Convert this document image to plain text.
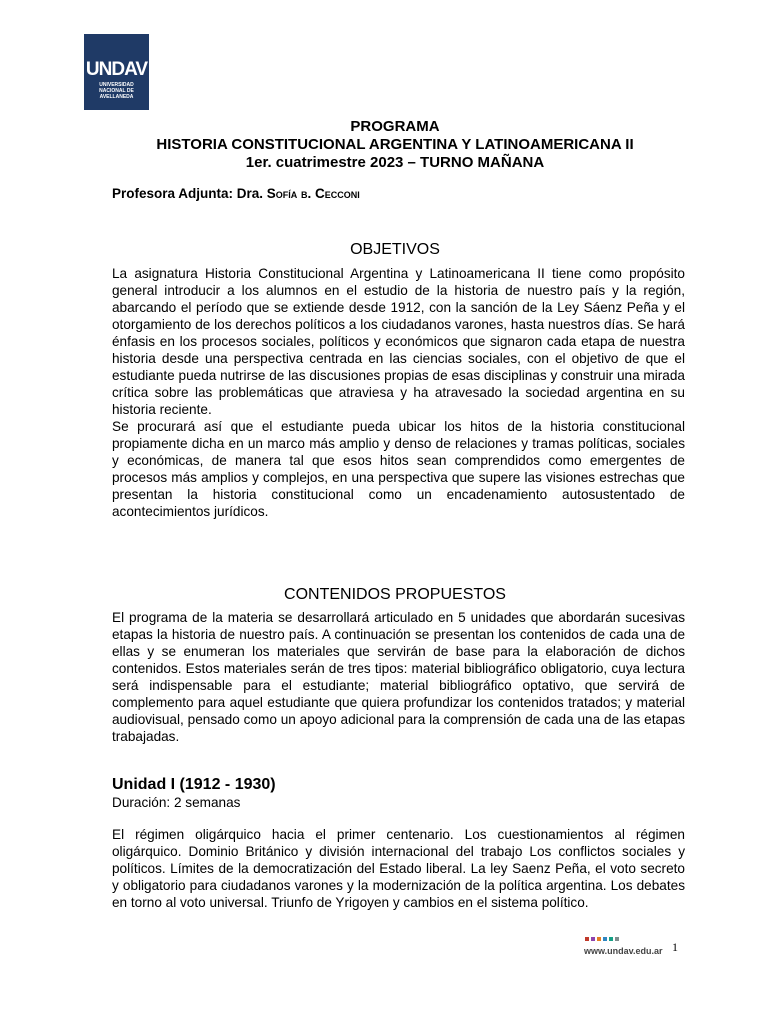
UNDAV
UNIVERSIDAD
NACIONAL DE
AVELLANEDA
PROGRAMA
HISTORIA CONSTITUCIONAL ARGENTINA Y LATINOAMERICANA II
1er. cuatrimestre 2023 – TURNO MAÑANA
Profesora Adjunta: Dra. Sofía b. Cecconi
OBJETIVOS

La asignatura Historia Constitucional Argentina y Latinoamericana II tiene como propósito general introducir a los alumnos en el estudio de la historia de nuestro país y la región, abarcando el período que se extiende desde 1912, con la sanción de la Ley Sáenz Peña y el otorgamiento de los derechos políticos a los ciudadanos varones, hasta nuestros días. Se hará énfasis en los procesos sociales, políticos y económicos que signaron cada etapa de nuestra historia desde una perspectiva centrada en las ciencias sociales, con el objetivo de que el estudiante pueda nutrirse de las discusiones propias de esas disciplinas y construir una mirada crítica sobre las problemáticas que atraviesa y ha atravesado la sociedad argentina en su historia reciente.

Se procurará así que el estudiante pueda ubicar los hitos de la historia constitucional propiamente dicha en un marco más amplio y denso de relaciones y tramas políticas, sociales y económicas, de manera tal que esos hitos sean comprendidos como emergentes de procesos más amplios y complejos, en una perspectiva que supere las visiones estrechas que presentan la historia constitucional como un encadenamiento autosustentado de acontecimientos jurídicos.

CONTENIDOS PROPUESTOS

El programa de la materia se desarrollará articulado en 5 unidades que abordarán sucesivas etapas la historia de nuestro país. A continuación se presentan los contenidos de cada una de ellas y se enumeran los materiales que servirán de base para la elaboración de dichos contenidos. Estos materiales serán de tres tipos: material bibliográfico obligatorio, cuya lectura será indispensable para el estudiante; material bibliográfico optativo, que servirá de complemento para aquel estudiante que quiera profundizar los contenidos tratados; y material audiovisual, pensado como un apoyo adicional para la comprensión de cada una de las etapas trabajadas.

Unidad I (1912 - 1930)
Duración: 2 semanas

El régimen oligárquico hacia el primer centenario. Los cuestionamientos al régimen oligárquico. Dominio Británico y división internacional del trabajo Los conflictos sociales y políticos. Límites de la democratización del Estado liberal. La ley Saenz Peña, el voto secreto y obligatorio para ciudadanos varones y la modernización de la política argentina. Los debates en torno al voto universal. Triunfo de Yrigoyen y cambios en el sistema político.

www.undav.edu.ar 1
